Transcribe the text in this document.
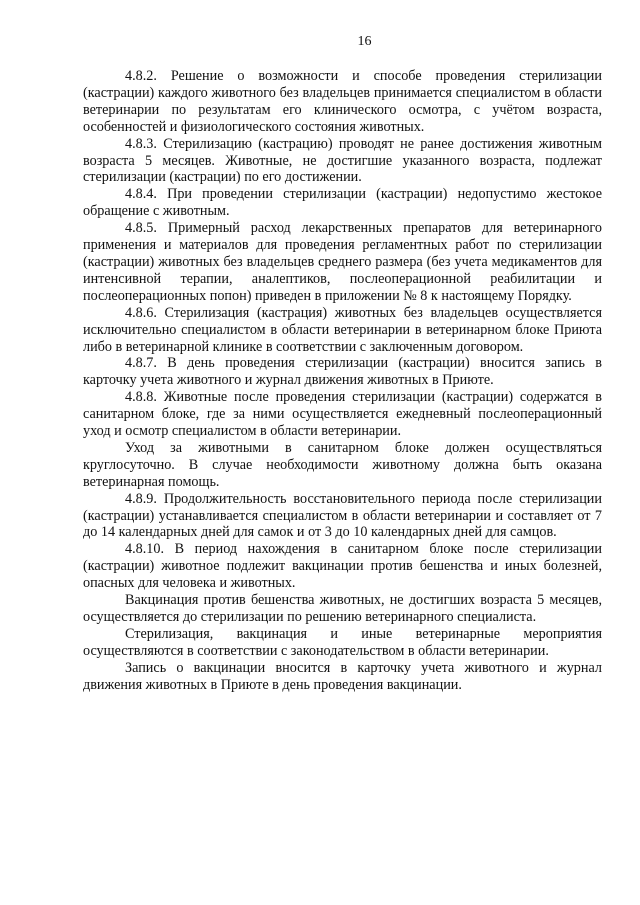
16

4.8.2. Решение о возможности и способе проведения стерилизации (кастрации) каждого животного без владельцев принимается специалистом в области ветеринарии по результатам его клинического осмотра, с учётом возраста, особенностей и физиологического состояния животных.

4.8.3. Стерилизацию (кастрацию) проводят не ранее достижения животным возраста 5 месяцев. Животные, не достигшие указанного возраста, подлежат стерилизации (кастрации) по его достижении.

4.8.4. При проведении стерилизации (кастрации) недопустимо жестокое обращение с животным.

4.8.5. Примерный расход лекарственных препаратов для ветеринарного применения и материалов для проведения регламентных работ по стерилизации (кастрации) животных без владельцев среднего размера (без учета медикаментов для интенсивной терапии, аналептиков, послеоперационной реабилитации и послеоперационных попон) приведен в приложении № 8 к настоящему Порядку.

4.8.6. Стерилизация (кастрация) животных без владельцев осуществляется исключительно специалистом в области ветеринарии в ветеринарном блоке Приюта либо в ветеринарной клинике в соответствии с заключенным договором.

4.8.7. В день проведения стерилизации (кастрации) вносится запись в карточку учета животного и журнал движения животных в Приюте.

4.8.8. Животные после проведения стерилизации (кастрации) содержатся в санитарном блоке, где за ними осуществляется ежедневный послеоперационный уход и осмотр специалистом в области ветеринарии.

Уход за животными в санитарном блоке должен осуществляться круглосуточно. В случае необходимости животному должна быть оказана ветеринарная помощь.

4.8.9. Продолжительность восстановительного периода после стерилизации (кастрации) устанавливается специалистом в области ветеринарии и составляет от 7 до 14 календарных дней для самок и от 3 до 10 календарных дней для самцов.

4.8.10. В период нахождения в санитарном блоке после стерилизации (кастрации) животное подлежит вакцинации против бешенства и иных болезней, опасных для человека и животных.

Вакцинация против бешенства животных, не достигших возраста 5 месяцев, осуществляется до стерилизации по решению ветеринарного специалиста.

Стерилизация, вакцинация и иные ветеринарные мероприятия осуществляются в соответствии с законодательством в области ветеринарии.

Запись о вакцинации вносится в карточку учета животного и журнал движения животных в Приюте в день проведения вакцинации.
